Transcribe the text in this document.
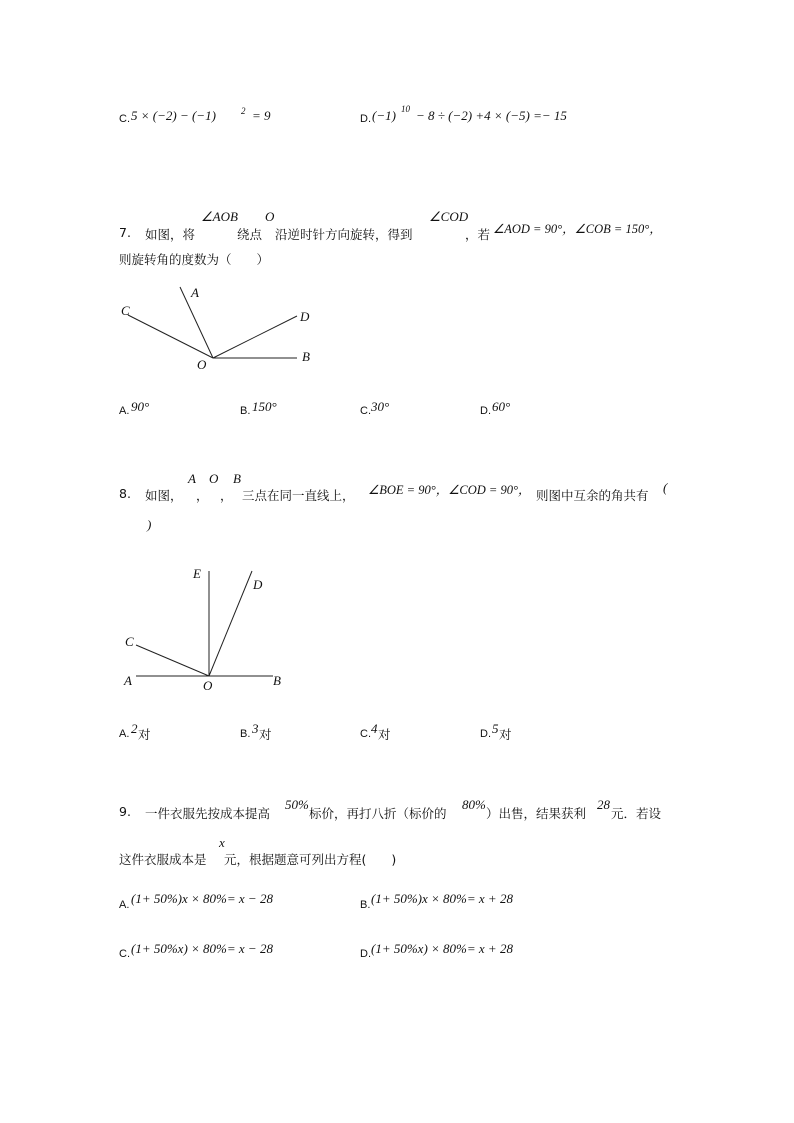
C. 5 × (−2) − (−1)	2 = 9	D. (−1) 10 − 8 ÷ (−2) +4 × (−5) =− 15
7. 如图，将
∠AOB
绕点
O
沿逆时针方向旋转，得到
∠COD
，若 ∠AOD = 90°，∠COB = 150°，
则旋转角的度数为（　　）
C
A
D
O
B
A. 90°	B. 150°	C. 30°	D. 60°
8. 如图，
A
，
O
，
B
三点在同一直线上， ∠BOE = 90°，∠COD = 90°， 则图中互余的角共有
(
)
E
D
C
A	O	B
A. 2 对	B. 3 对	C. 4 对	D. 5 对
9. 一件衣服先按成本提高
50%
标价，再打八折（标价的
80%
）出售，结果获利
28
元．若设
这件衣服成本是
x
元，根据题意可列出方程(　　)
A. (1+ 50%)x × 80%= x − 28	B. (1+ 50%)x × 80%= x + 28
C. (1+ 50%x) × 80%= x − 28	D. (1+ 50%x) × 80%= x + 28
